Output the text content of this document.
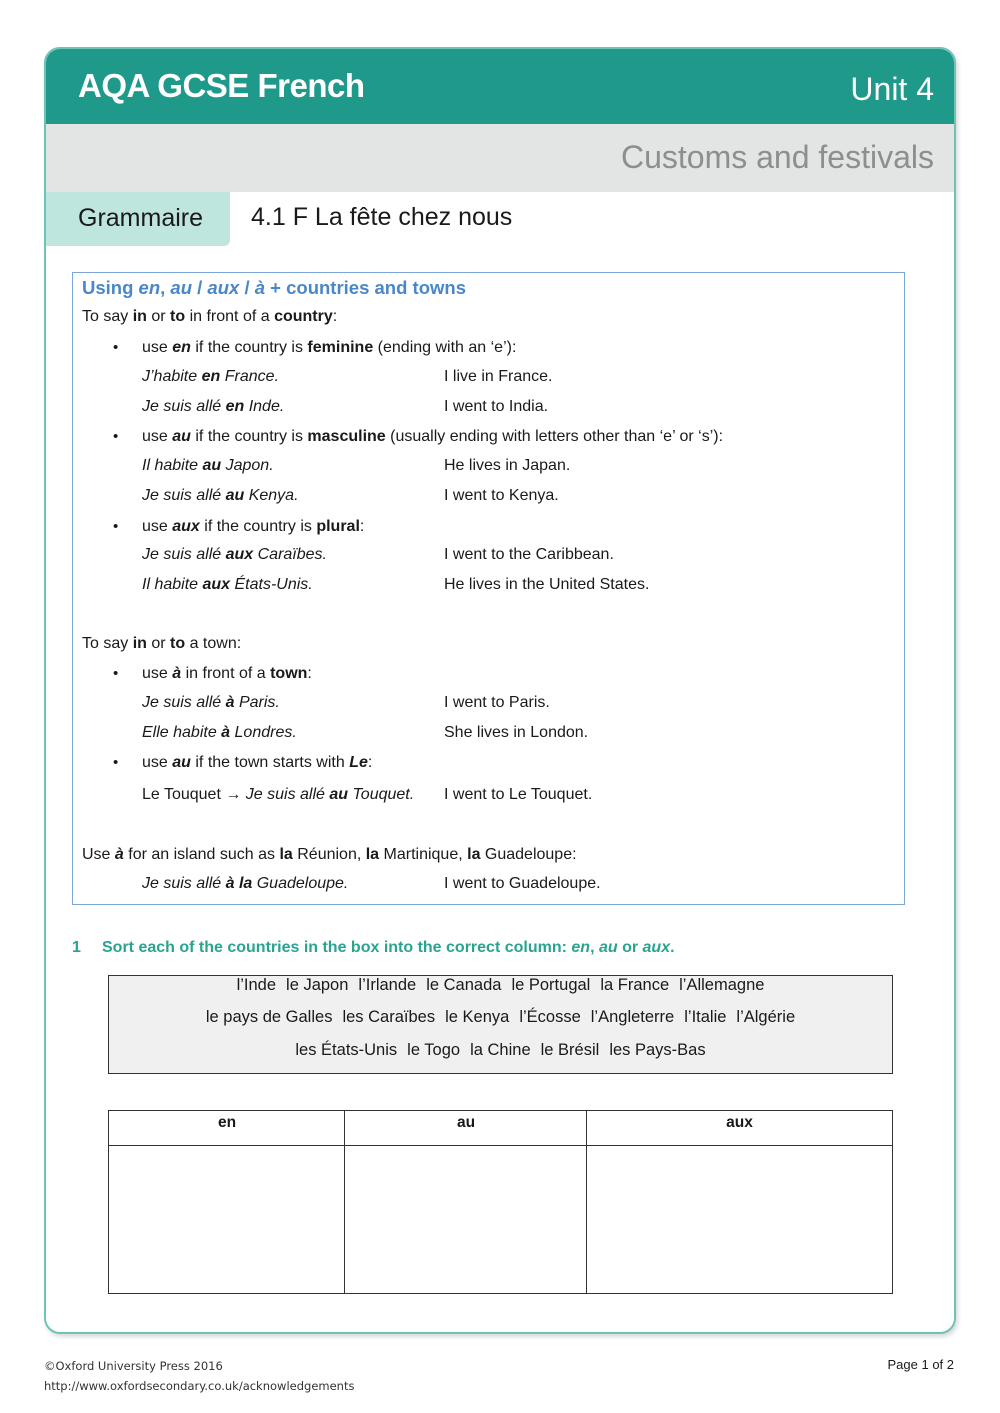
AQA GCSE French	Unit 4
Customs and festivals
Grammaire 4.1 F La fête chez nous
Using en, au / aux / à + countries and towns
To say in or to in front of a country:
• use en if the country is feminine (ending with an ‘e’):
J’habite en France.	I live in France.
Je suis allé en Inde.	I went to India.
• use au if the country is masculine (usually ending with letters other than ‘e’ or ‘s’):
Il habite au Japon.	He lives in Japan.
Je suis allé au Kenya.	I went to Kenya.
• use aux if the country is plural:
Je suis allé aux Caraïbes.	I went to the Caribbean.
Il habite aux États-Unis.	He lives in the United States.
To say in or to a town:
• use à in front of a town:
Je suis allé à Paris.	I went to Paris.
Elle habite à Londres.	She lives in London.
• use au if the town starts with Le:
Le Touquet → Je suis allé au Touquet. I went to Le Touquet.
Use à for an island such as la Réunion, la Martinique, la Guadeloupe:
Je suis allé à la Guadeloupe.	I went to Guadeloupe.
1 Sort each of the countries in the box into the correct column: en, au or aux.
l’Inde le Japon l’Irlande le Canada le Portugal la France l’Allemagne
le pays de Galles les Caraïbes le Kenya l’Écosse l’Angleterre l’Italie l’Algérie
les États-Unis le Togo la Chine le Brésil les Pays-Bas
en	au	aux
©Oxford University Press 2016
http://www.oxfordsecondary.co.uk/acknowledgements
Page 1 of 2
